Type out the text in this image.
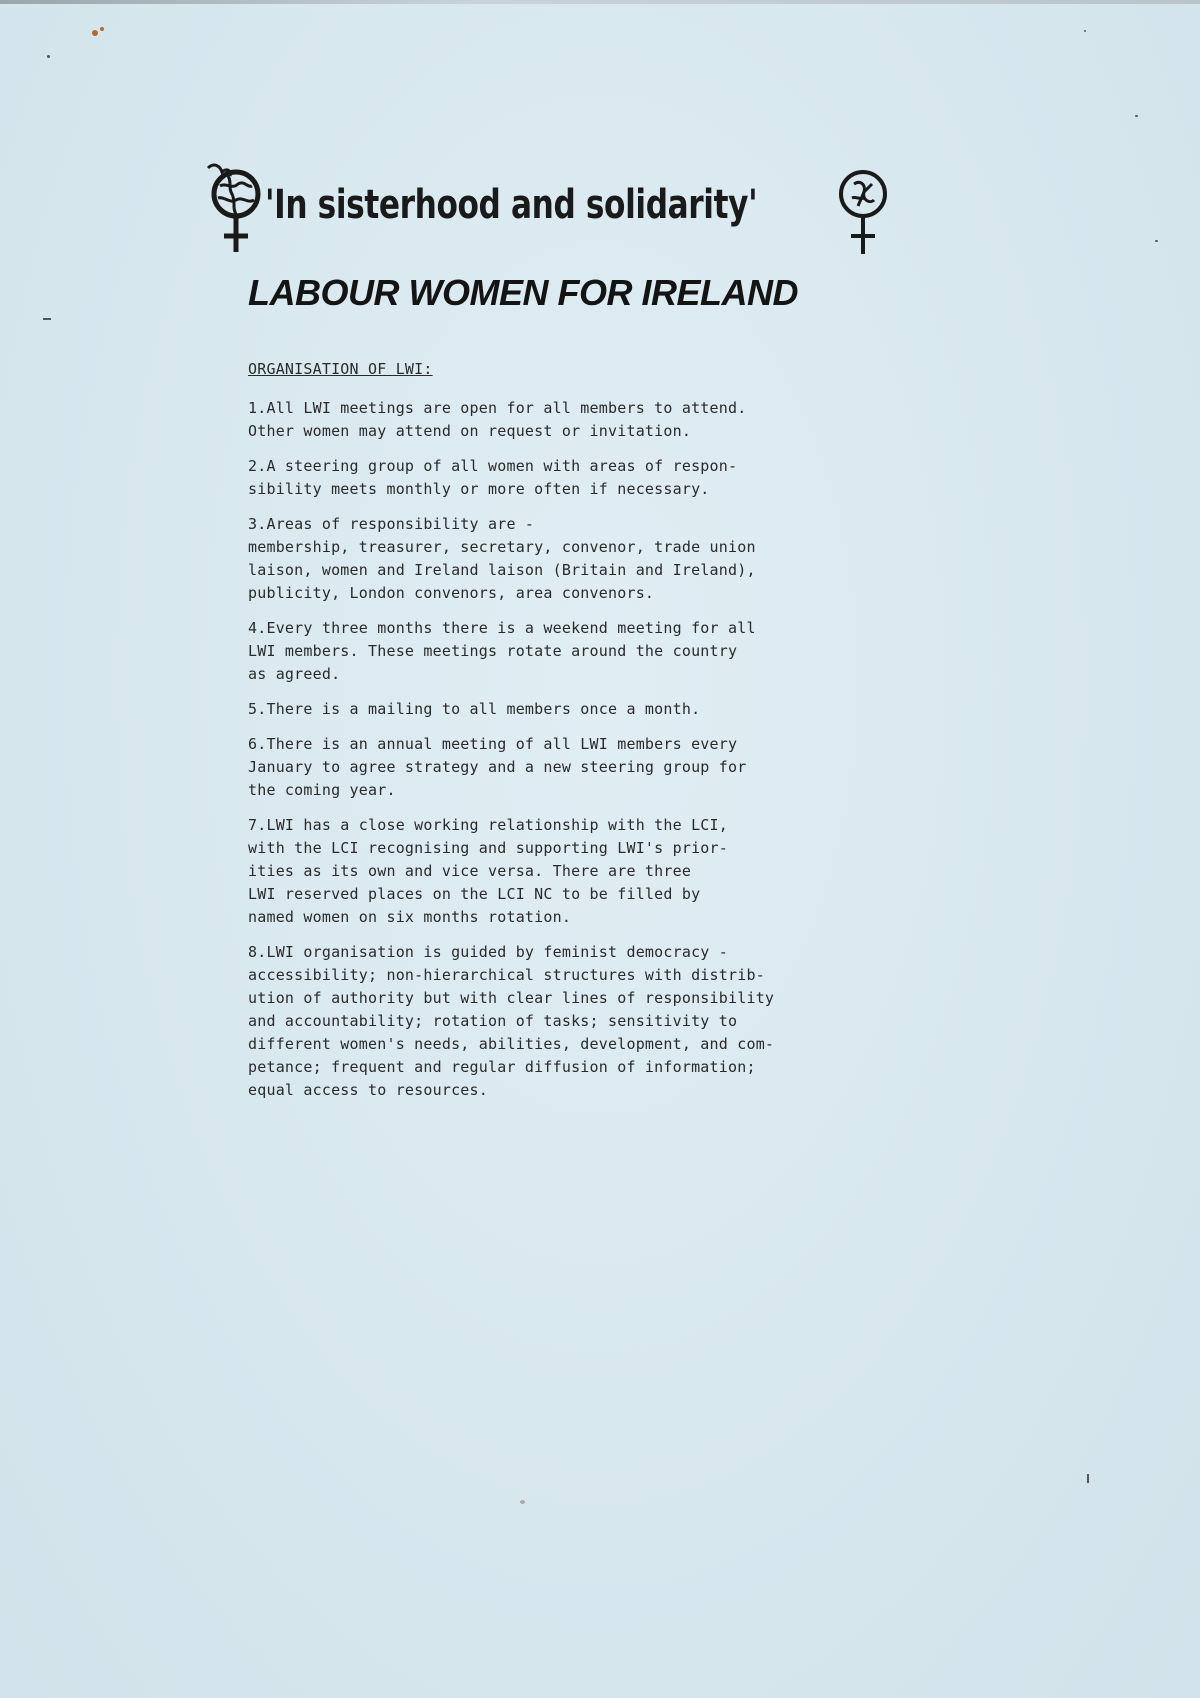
'In sisterhood and solidarity'
LABOUR WOMEN FOR IRELAND
ORGANISATION OF LWI:
1.All LWI meetings are open for all members to attend.
Other women may attend on request or invitation.
2.A steering group of all women with areas of respon-
sibility meets monthly or more often if necessary.
3.Areas of responsibility are -
membership, treasurer, secretary, convenor, trade union
laison, women and Ireland laison (Britain and Ireland),
publicity, London convenors, area convenors.
4.Every three months there is a weekend meeting for all
LWI members. These meetings rotate around the country
as agreed.
5.There is a mailing to all members once a month.
6.There is an annual meeting of all LWI members every
January to agree strategy and a new steering group for
the coming year.
7.LWI has a close working relationship with the LCI,
with the LCI recognising and supporting LWI's prior-
ities as its own and vice versa. There are three
LWI reserved places on the LCI NC to be filled by
named women on six months rotation.
8.LWI organisation is guided by feminist democracy -
accessibility; non-hierarchical structures with distrib-
ution of authority but with clear lines of responsibility
and accountability; rotation of tasks; sensitivity to
different women's needs, abilities, development, and com-
petance; frequent and regular diffusion of information;
equal access to resources.
